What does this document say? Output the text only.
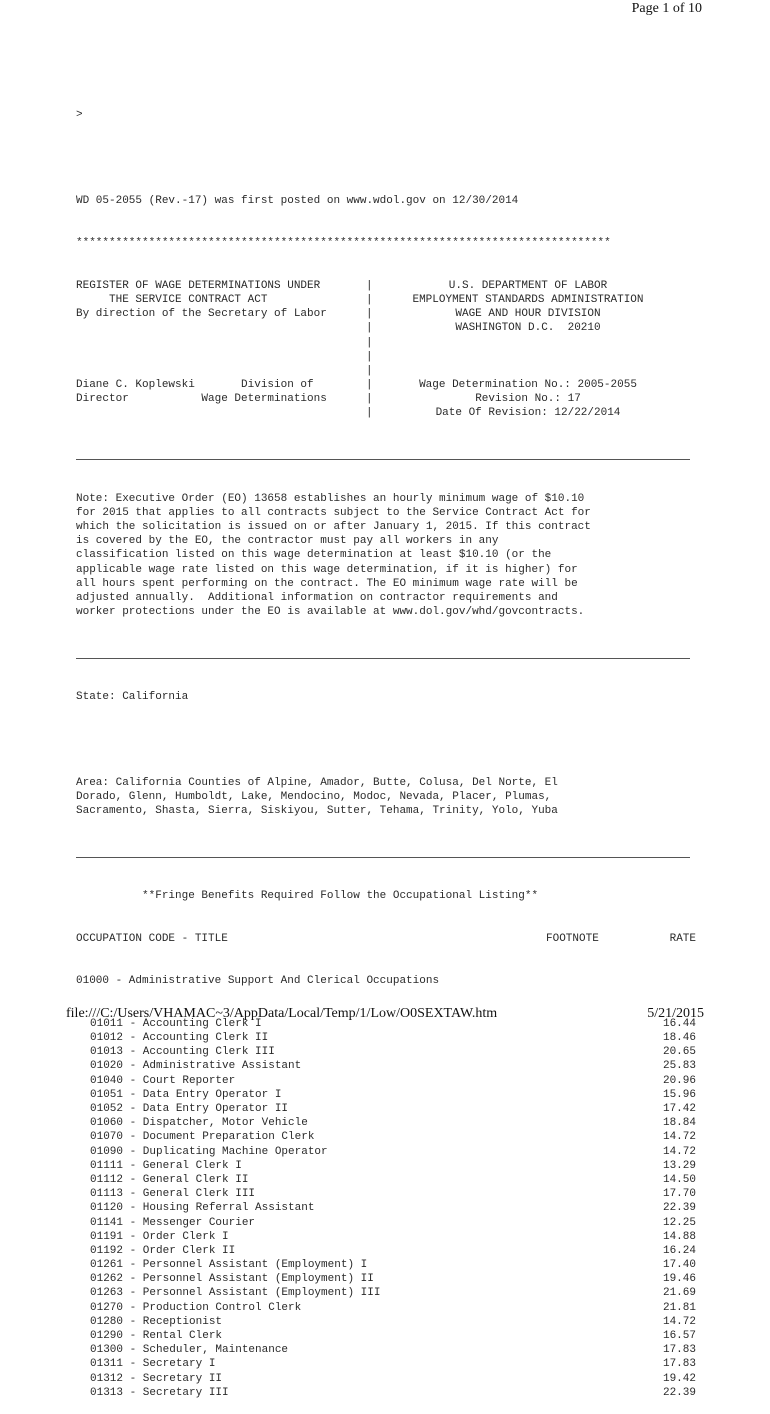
Page 1 of 10

>

WD 05-2055 (Rev.-17) was first posted on www.wdol.gov on 12/30/2014

*********************************************************************************

REGISTER OF WAGE DETERMINATIONS UNDER	|	U.S. DEPARTMENT OF LABOR
THE SERVICE CONTRACT ACT	|	EMPLOYMENT STANDARDS ADMINISTRATION
By direction of the Secretary of Labor	|	WAGE AND HOUR DIVISION
|	WASHINGTON D.C.  20210
|
|
|
Diane C. Koplewski       Division of	|	Wage Determination No.: 2005-2055
Director           Wage Determinations	|	Revision No.: 17
|	Date Of Revision: 12/22/2014

Note: Executive Order (EO) 13658 establishes an hourly minimum wage of $10.10
for 2015 that applies to all contracts subject to the Service Contract Act for
which the solicitation is issued on or after January 1, 2015. If this contract
is covered by the EO, the contractor must pay all workers in any
classification listed on this wage determination at least $10.10 (or the
applicable wage rate listed on this wage determination, if it is higher) for
all hours spent performing on the contract. The EO minimum wage rate will be
adjusted annually.  Additional information on contractor requirements and
worker protections under the EO is available at www.dol.gov/whd/govcontracts.

State: California

Area: California Counties of Alpine, Amador, Butte, Colusa, Del Norte, El
Dorado, Glenn, Humboldt, Lake, Mendocino, Modoc, Nevada, Placer, Plumas,
Sacramento, Shasta, Sierra, Siskiyou, Sutter, Tehama, Trinity, Yolo, Yuba

**Fringe Benefits Required Follow the Occupational Listing**

OCCUPATION CODE - TITLE	FOOTNOTE	RATE

01000 - Administrative Support And Clerical Occupations

01011 - Accounting Clerk I	16.44
01012 - Accounting Clerk II	18.46
01013 - Accounting Clerk III	20.65
01020 - Administrative Assistant	25.83
01040 - Court Reporter	20.96
01051 - Data Entry Operator I	15.96
01052 - Data Entry Operator II	17.42
01060 - Dispatcher, Motor Vehicle	18.84
01070 - Document Preparation Clerk	14.72
01090 - Duplicating Machine Operator	14.72
01111 - General Clerk I	13.29
01112 - General Clerk II	14.50
01113 - General Clerk III	17.70
01120 - Housing Referral Assistant	22.39
01141 - Messenger Courier	12.25
01191 - Order Clerk I	14.88
01192 - Order Clerk II	16.24
01261 - Personnel Assistant (Employment) I	17.40
01262 - Personnel Assistant (Employment) II	19.46
01263 - Personnel Assistant (Employment) III	21.69
01270 - Production Control Clerk	21.81
01280 - Receptionist	14.72
01290 - Rental Clerk	16.57
01300 - Scheduler, Maintenance	17.83
01311 - Secretary I	17.83
01312 - Secretary II	19.42
01313 - Secretary III	22.39

file:///C:/Users/VHAMAC~3/AppData/Local/Temp/1/Low/O0SEXTAW.htm	5/21/2015
